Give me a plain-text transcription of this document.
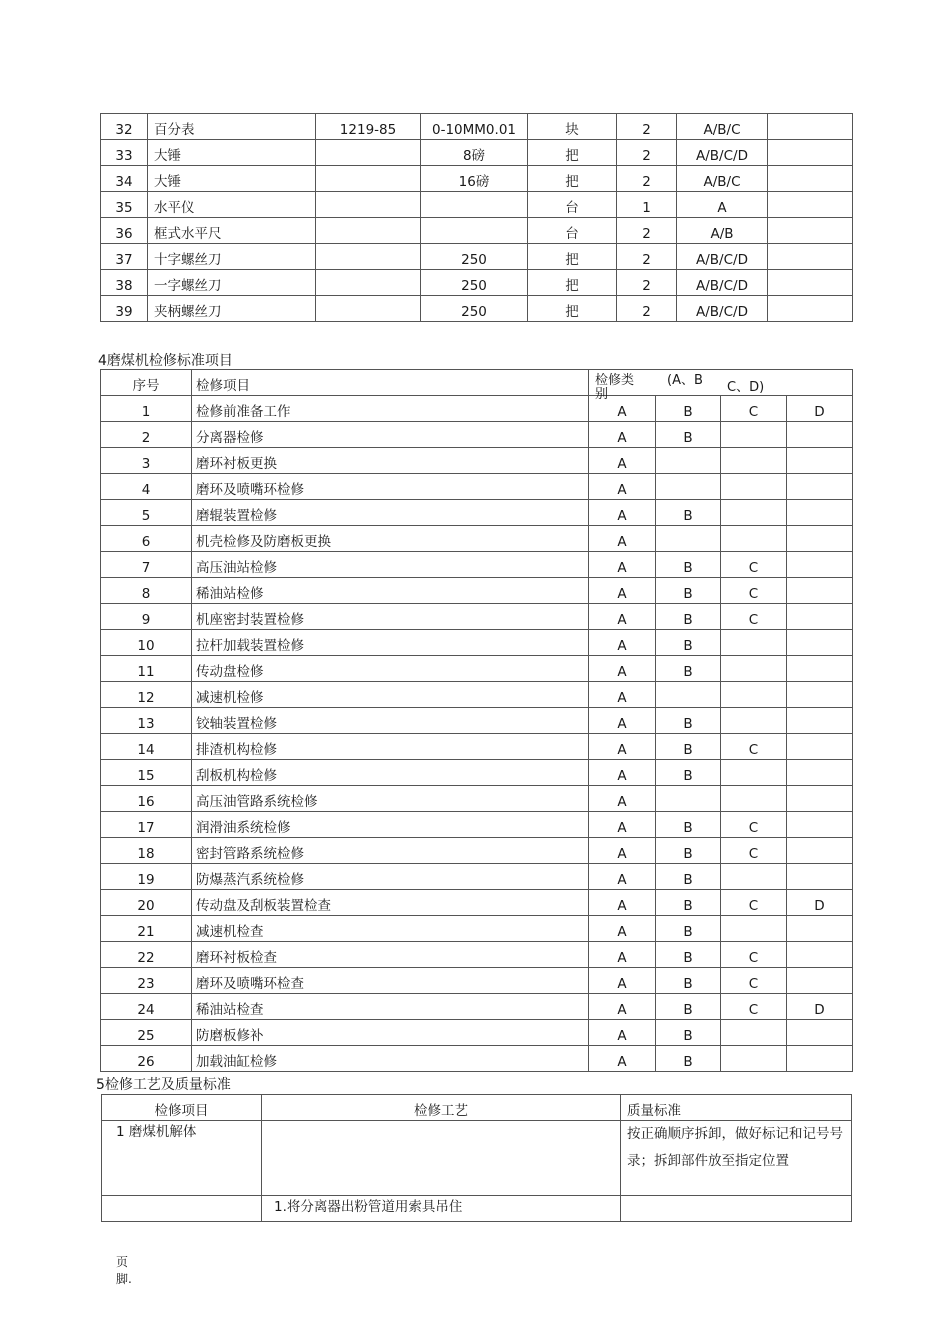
32	百分表	1219-85	0-10MM0.01	块	2	A/B/C	
33	大锤		8磅	把	2	A/B/C/D	
34	大锤		16磅	把	2	A/B/C	
35	水平仪			台	1	A	
36	框式水平尺			台	2	A/B	
37	十字螺丝刀		250	把	2	A/B/C/D	
38	一字螺丝刀		250	把	2	A/B/C/D	
39	夹柄螺丝刀		250	把	2	A/B/C/D	
4磨煤机检修标准项目
序号	检修项目	检修类 (A、B C、D)
别			

1	检修前准备工作	A	B	C	D
2	分离器检修	A	B		
3	磨环衬板更换	A			
4	磨环及喷嘴环检修	A			
5	磨辊装置检修	A	B		
6	机壳检修及防磨板更换	A			
7	高压油站检修	A	B	C	
8	稀油站检修	A	B	C	
9	机座密封装置检修	A	B	C	
10	拉杆加载装置检修	A	B		
11	传动盘检修	A	B		
12	减速机检修	A			
13	铰轴装置检修	A	B		
14	排渣机构检修	A	B	C	
15	刮板机构检修	A	B		
16	高压油管路系统检修	A			
17	润滑油系统检修	A	B	C	
18	密封管路系统检修	A	B	C	
19	防爆蒸汽系统检修	A	B		
20	传动盘及刮板装置检查	A	B	C	D
21	减速机检查	A	B		
22	磨环衬板检查	A	B	C	
23	磨环及喷嘴环检查	A	B	C	
24	稀油站检查	A	B	C	D
25	防磨板修补	A	B		
26	加载油缸检修	A	B		
5检修工艺及质量标准
检修项目	检修工艺	质量标准
1 磨煤机解体		按正确顺序拆卸，做好标记和记号号录；拆卸部件放至指定位置
	1.将分离器出粉管道用索具吊住	
页
脚.
